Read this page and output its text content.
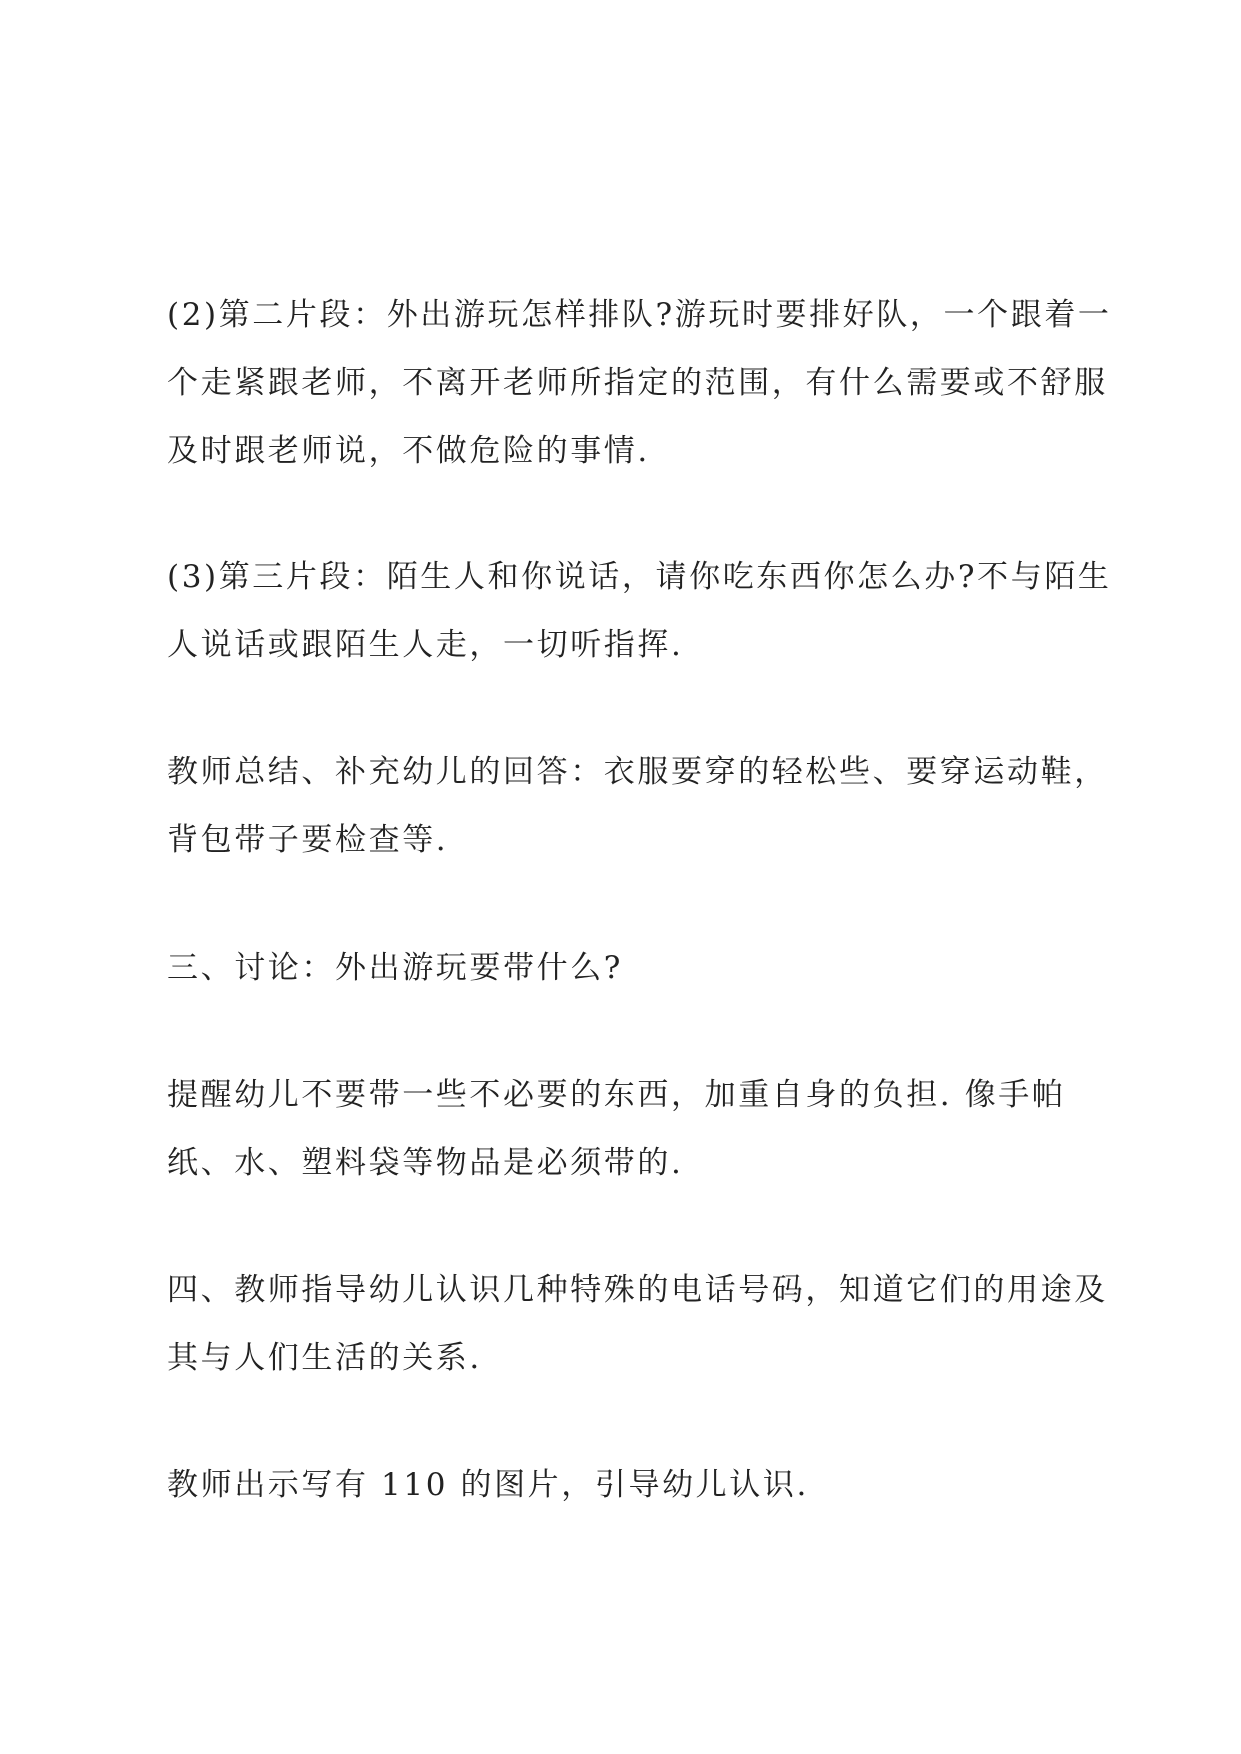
(2)第二片段：外出游玩怎样排队?游玩时要排好队，一个跟着一
个走紧跟老师，不离开老师所指定的范围，有什么需要或不舒服
及时跟老师说，不做危险的事情.
(3)第三片段：陌生人和你说话，请你吃东西你怎么办?不与陌生
人说话或跟陌生人走，一切听指挥.
教师总结、补充幼儿的回答：衣服要穿的轻松些、要穿运动鞋，
背包带子要检查等.
三、讨论：外出游玩要带什么?
提醒幼儿不要带一些不必要的东西，加重自身的负担. 像手帕
纸、水、塑料袋等物品是必须带的.
四、教师指导幼儿认识几种特殊的电话号码，知道它们的用途及
其与人们生活的关系.
教师出示写有 110 的图片，引导幼儿认识.
